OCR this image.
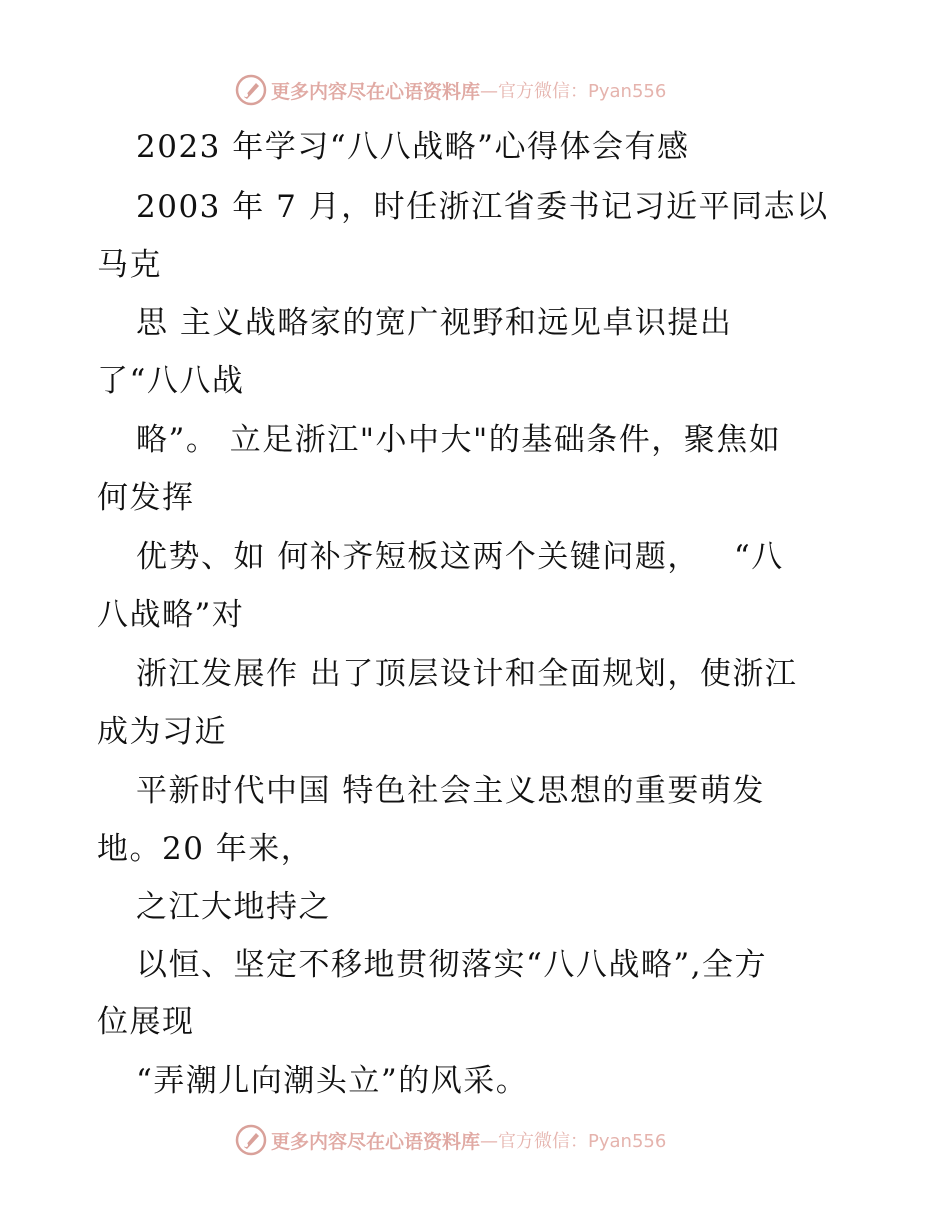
更多内容尽在心语资料库 —官方微信：Pyan556
2023 年学习“八八战略”心得体会有感
2003 年 7 月，时任浙江省委书记习近平同志以
马克
思 主义战略家的宽广视野和远见卓识提出
了“八八战
略”。 立足浙江"小中大"的基础条件，聚焦如
何发挥
优势、如 何补齐短板这两个关键问题，   “八
八战略”对
浙江发展作 出了顶层设计和全面规划，使浙江
成为习近
平新时代中国 特色社会主义思想的重要萌发
地。20 年来，
之江大地持之
以恒、坚定不移地贯彻落实“八八战略”,全方
位展现
“弄潮儿向潮头立”的风采。
更多内容尽在心语资料库 —官方微信：Pyan556
